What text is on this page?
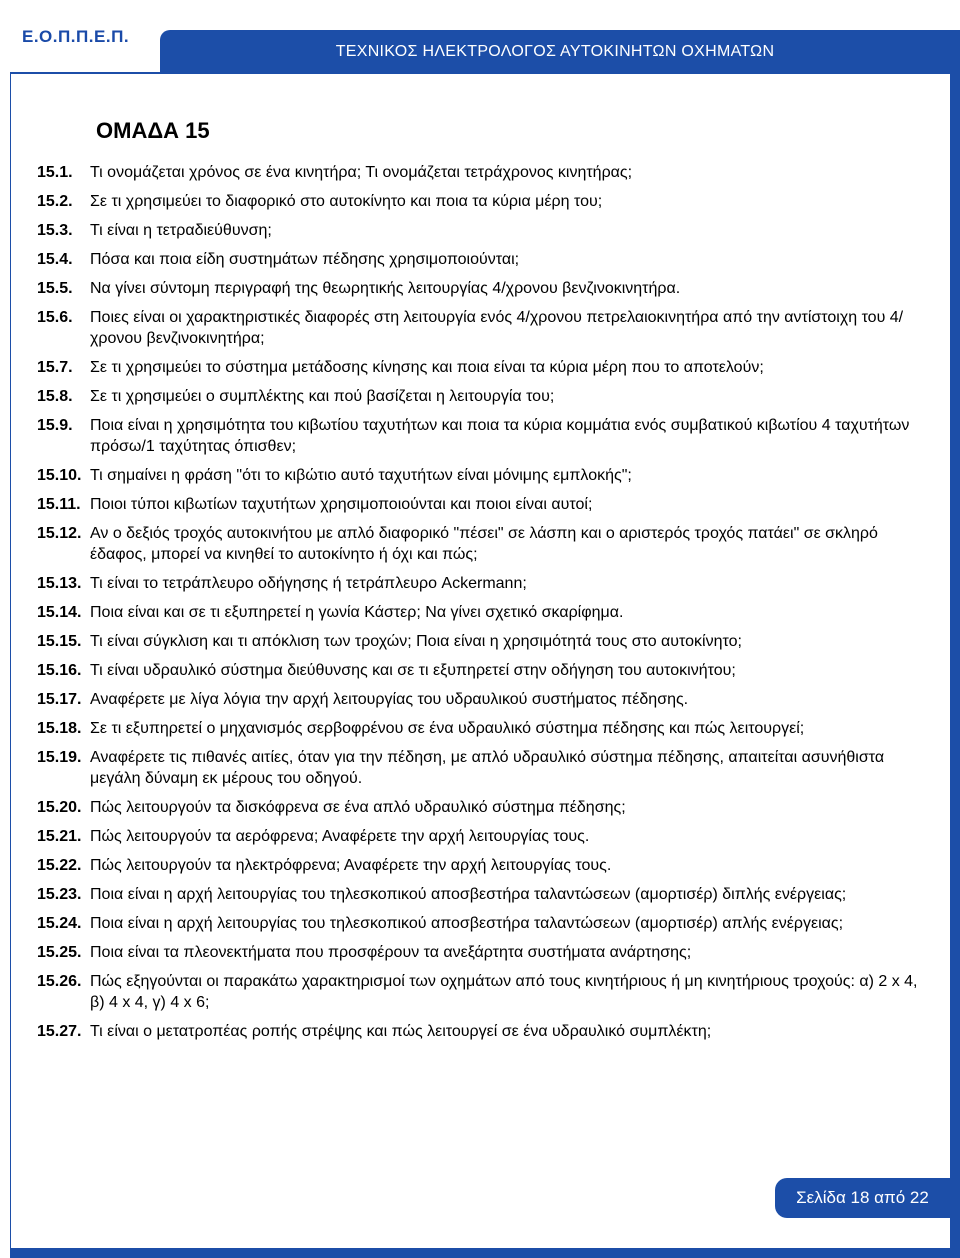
Ε.Ο.Π.Π.Ε.Π.
ΤΕΧΝΙΚΟΣ ΗΛΕΚΤΡΟΛΟΓΟΣ ΑΥΤΟΚΙΝΗΤΩΝ ΟΧΗΜΑΤΩΝ
ΟΜΑΔΑ 15
15.1.	Τι ονομάζεται χρόνος σε ένα κινητήρα; Τι ονομάζεται τετράχρονος κινητήρας;
15.2.	Σε τι χρησιμεύει το διαφορικό στο αυτοκίνητο και ποια τα κύρια μέρη του;
15.3.	Τι είναι η τετραδιεύθυνση;
15.4.	Πόσα και ποια είδη συστημάτων πέδησης χρησιμοποιούνται;
15.5.	Να γίνει σύντομη περιγραφή της θεωρητικής λειτουργίας 4/χρονου βενζινοκινητήρα.
15.6.	Ποιες είναι οι χαρακτηριστικές διαφορές στη λειτουργία ενός 4/χρονου πετρελαιοκινητήρα από την αντίστοιχη του 4/χρονου βενζινοκινητήρα;
15.7.	Σε τι χρησιμεύει το σύστημα μετάδοσης κίνησης και ποια είναι τα κύρια μέρη που το αποτελούν;
15.8.	Σε τι χρησιμεύει ο συμπλέκτης και πού βασίζεται η λειτουργία του;
15.9.	Ποια είναι η χρησιμότητα του κιβωτίου ταχυτήτων και ποια τα κύρια κομμάτια ενός συμβατικού κιβωτίου 4 ταχυτήτων πρόσω/1 ταχύτητας όπισθεν;
15.10. Τι σημαίνει η φράση "ότι το κιβώτιο αυτό ταχυτήτων είναι μόνιμης εμπλοκής";
15.11. Ποιοι τύποι κιβωτίων ταχυτήτων χρησιμοποιούνται και ποιοι είναι αυτοί;
15.12. Αν ο δεξιός τροχός αυτοκινήτου με απλό διαφορικό "πέσει" σε λάσπη και ο αριστερός τροχός πατάει" σε σκληρό έδαφος, μπορεί να κινηθεί το αυτοκίνητο ή όχι και πώς;
15.13. Τι είναι το τετράπλευρο οδήγησης ή τετράπλευρο Ackermann;
15.14. Ποια είναι και σε τι εξυπηρετεί η γωνία Κάστερ; Να γίνει σχετικό σκαρίφημα.
15.15. Τι είναι σύγκλιση και τι απόκλιση των τροχών; Ποια είναι η χρησιμότητά τους στο αυτοκίνητο;
15.16. Τι είναι υδραυλικό σύστημα διεύθυνσης και σε τι εξυπηρετεί στην οδήγηση του αυτοκινήτου;
15.17. Αναφέρετε με λίγα λόγια την αρχή λειτουργίας του υδραυλικού συστήματος πέδησης.
15.18. Σε τι εξυπηρετεί ο μηχανισμός σερβοφρένου σε ένα υδραυλικό σύστημα πέδησης και πώς λειτουργεί;
15.19. Αναφέρετε τις πιθανές αιτίες, όταν για την πέδηση, με απλό υδραυλικό σύστημα πέδησης, απαιτείται ασυνήθιστα μεγάλη δύναμη εκ μέρους του οδηγού.
15.20. Πώς λειτουργούν τα δισκόφρενα σε ένα απλό υδραυλικό σύστημα πέδησης;
15.21. Πώς λειτουργούν τα αερόφρενα; Αναφέρετε την αρχή λειτουργίας τους.
15.22. Πώς λειτουργούν τα ηλεκτρόφρενα; Αναφέρετε την αρχή λειτουργίας τους.
15.23. Ποια είναι η αρχή λειτουργίας του τηλεσκοπικού αποσβεστήρα ταλαντώσεων (αμορτισέρ) διπλής ενέργειας;
15.24. Ποια είναι η αρχή λειτουργίας του τηλεσκοπικού αποσβεστήρα ταλαντώσεων (αμορτισέρ) απλής ενέργειας;
15.25. Ποια είναι τα πλεονεκτήματα που προσφέρουν τα ανεξάρτητα συστήματα ανάρτησης;
15.26. Πώς εξηγούνται οι παρακάτω χαρακτηρισμοί των οχημάτων από τους κινητήριους ή μη κινητήριους τροχούς: α) 2 x 4, β) 4 x 4, γ) 4 x 6;
15.27. Τι είναι ο μετατροπέας ροπής στρέψης και πώς λειτουργεί σε ένα υδραυλικό συμπλέκτη;
Σελίδα 18 από 22
